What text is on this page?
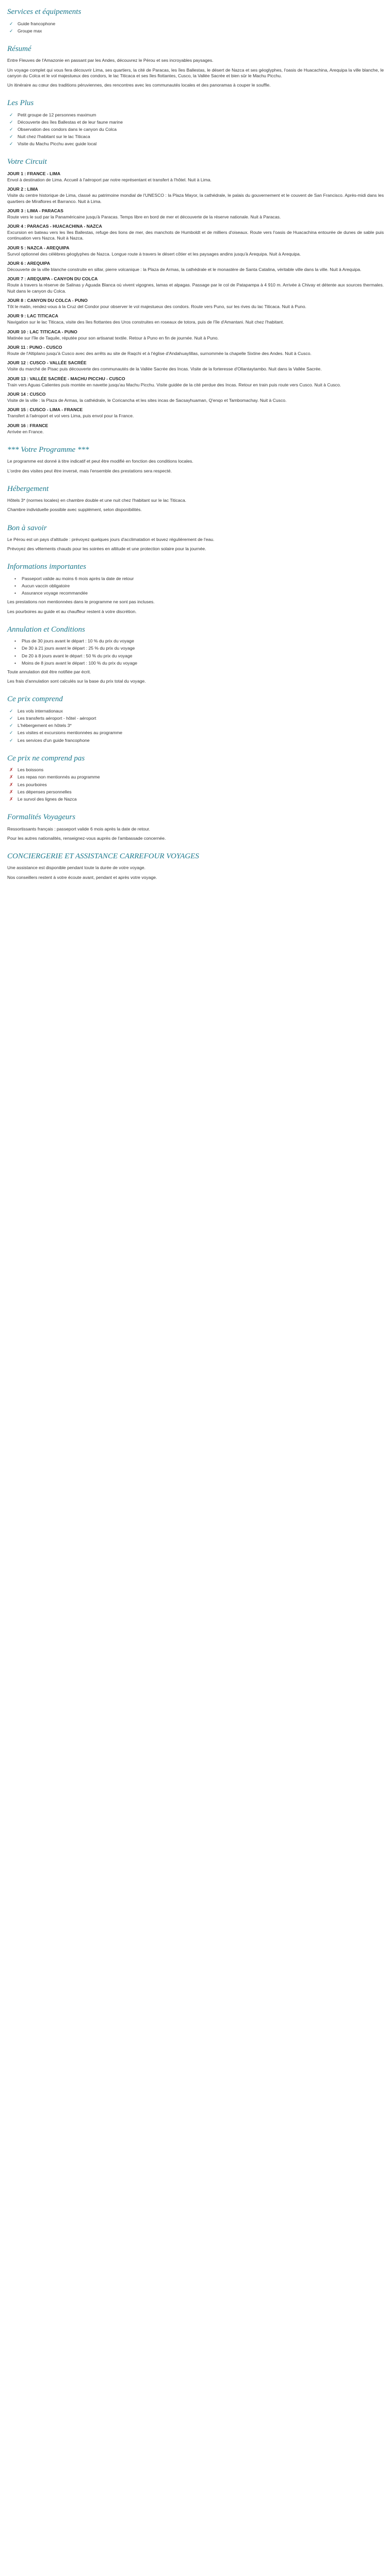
Services et équipements
✓ Guide francophone
✓ Groupe max
Résumé

Entre Fleuves de l'Amazonie en passant par les Andes, découvrez le Pérou et ses incroyables paysages.

Un voyage complet qui vous fera découvrir Lima, ses quartiers, la cité de Paracas, les îles Ballestas, le désert de Nazca et ses géoglyphes, l'oasis de Huacachina, Arequipa la ville blanche, le canyon du Colca et le vol majestueux des condors, le lac Titicaca et ses îles flottantes, Cusco, la Vallée Sacrée et bien sûr le Machu Picchu.

Un itinéraire au cœur des traditions péruviennes, des rencontres avec les communautés locales et des panoramas à couper le souffle.

Les Plus
✓ Petit groupe de 12 personnes maximum
✓ Découverte des îles Ballestas et de leur faune marine
✓ Observation des condors dans le canyon du Colca
✓ Nuit chez l'habitant sur le lac Titicaca
✓ Visite du Machu Picchu avec guide local
Votre Circuit
JOUR 1 : FRANCE - LIMA

Envol à destination de Lima. Accueil à l'aéroport par notre représentant et transfert à l'hôtel. Nuit à Lima.

JOUR 2 : LIMA

Visite du centre historique de Lima, classé au patrimoine mondial de l'UNESCO : la Plaza Mayor, la cathédrale, le palais du gouvernement et le couvent de San Francisco. Après-midi dans les quartiers de Miraflores et Barranco. Nuit à Lima.

JOUR 3 : LIMA - PARACAS

Route vers le sud par la Panaméricaine jusqu'à Paracas. Temps libre en bord de mer et découverte de la réserve nationale. Nuit à Paracas.

JOUR 4 : PARACAS - HUACACHINA - NAZCA

Excursion en bateau vers les îles Ballestas, refuge des lions de mer, des manchots de Humboldt et de milliers d'oiseaux. Route vers l'oasis de Huacachina entourée de dunes de sable puis continuation vers Nazca. Nuit à Nazca.

JOUR 5 : NAZCA - AREQUIPA

Survol optionnel des célèbres géoglyphes de Nazca. Longue route à travers le désert côtier et les paysages andins jusqu'à Arequipa. Nuit à Arequipa.

JOUR 6 : AREQUIPA

Découverte de la ville blanche construite en sillar, pierre volcanique : la Plaza de Armas, la cathédrale et le monastère de Santa Catalina, véritable ville dans la ville. Nuit à Arequipa.

JOUR 7 : AREQUIPA - CANYON DU COLCA

Route à travers la réserve de Salinas y Aguada Blanca où vivent vigognes, lamas et alpagas. Passage par le col de Patapampa à 4 910 m. Arrivée à Chivay et détente aux sources thermales. Nuit dans le canyon du Colca.

JOUR 8 : CANYON DU COLCA - PUNO

Tôt le matin, rendez-vous à la Cruz del Condor pour observer le vol majestueux des condors. Route vers Puno, sur les rives du lac Titicaca. Nuit à Puno.

JOUR 9 : LAC TITICACA

Navigation sur le lac Titicaca, visite des îles flottantes des Uros construites en roseaux de totora, puis de l'île d'Amantani. Nuit chez l'habitant.

JOUR 10 : LAC TITICACA - PUNO

Matinée sur l'île de Taquile, réputée pour son artisanat textile. Retour à Puno en fin de journée. Nuit à Puno.

JOUR 11 : PUNO - CUSCO

Route de l'Altiplano jusqu'à Cusco avec des arrêts au site de Raqchi et à l'église d'Andahuaylillas, surnommée la chapelle Sixtine des Andes. Nuit à Cusco.

JOUR 12 : CUSCO - VALLÉE SACRÉE

Visite du marché de Pisac puis découverte des communautés de la Vallée Sacrée des Incas. Visite de la forteresse d'Ollantaytambo. Nuit dans la Vallée Sacrée.

JOUR 13 : VALLÉE SACRÉE - MACHU PICCHU - CUSCO

Train vers Aguas Calientes puis montée en navette jusqu'au Machu Picchu. Visite guidée de la cité perdue des Incas. Retour en train puis route vers Cusco. Nuit à Cusco.

JOUR 14 : CUSCO

Visite de la ville : la Plaza de Armas, la cathédrale, le Coricancha et les sites incas de Sacsayhuaman, Q'enqo et Tambomachay. Nuit à Cusco.

JOUR 15 : CUSCO - LIMA - FRANCE

Transfert à l'aéroport et vol vers Lima, puis envol pour la France.

JOUR 16 : FRANCE

Arrivée en France.

*** Votre Programme ***

Le programme est donné à titre indicatif et peut être modifié en fonction des conditions locales.

L'ordre des visites peut être inversé, mais l'ensemble des prestations sera respecté.

Hébergement

Hôtels 3* (normes locales) en chambre double et une nuit chez l'habitant sur le lac Titicaca.

Chambre individuelle possible avec supplément, selon disponibilités.

Bon à savoir

Le Pérou est un pays d'altitude : prévoyez quelques jours d'acclimatation et buvez régulièrement de l'eau.

Prévoyez des vêtements chauds pour les soirées en altitude et une protection solaire pour la journée.

Informations importantes
• Passeport valide au moins 6 mois après la date de retour
• Aucun vaccin obligatoire
• Assurance voyage recommandée

Les prestations non mentionnées dans le programme ne sont pas incluses.

Les pourboires au guide et au chauffeur restent à votre discrétion.

Annulation et Conditions
• Plus de 30 jours avant le départ : 10 % du prix du voyage
• De 30 à 21 jours avant le départ : 25 % du prix du voyage
• De 20 à 8 jours avant le départ : 50 % du prix du voyage
• Moins de 8 jours avant le départ : 100 % du prix du voyage

Toute annulation doit être notifiée par écrit.

Les frais d'annulation sont calculés sur la base du prix total du voyage.

Ce prix comprend
✓ Les vols internationaux
✓ Les transferts aéroport - hôtel - aéroport
✓ L'hébergement en hôtels 3*
✓ Les visites et excursions mentionnées au programme
✓ Les services d'un guide francophone
Ce prix ne comprend pas
✗ Les boissons
✗ Les repas non mentionnés au programme
✗ Les pourboires
✗ Les dépenses personnelles
✗ Le survol des lignes de Nazca
Formalités Voyageurs

Ressortissants français : passeport valide 6 mois après la date de retour.

Pour les autres nationalités, renseignez-vous auprès de l'ambassade concernée.

CONCIERGERIE ET ASSISTANCE CARREFOUR VOYAGES

Une assistance est disponible pendant toute la durée de votre voyage.

Nos conseillers restent à votre écoute avant, pendant et après votre voyage.
